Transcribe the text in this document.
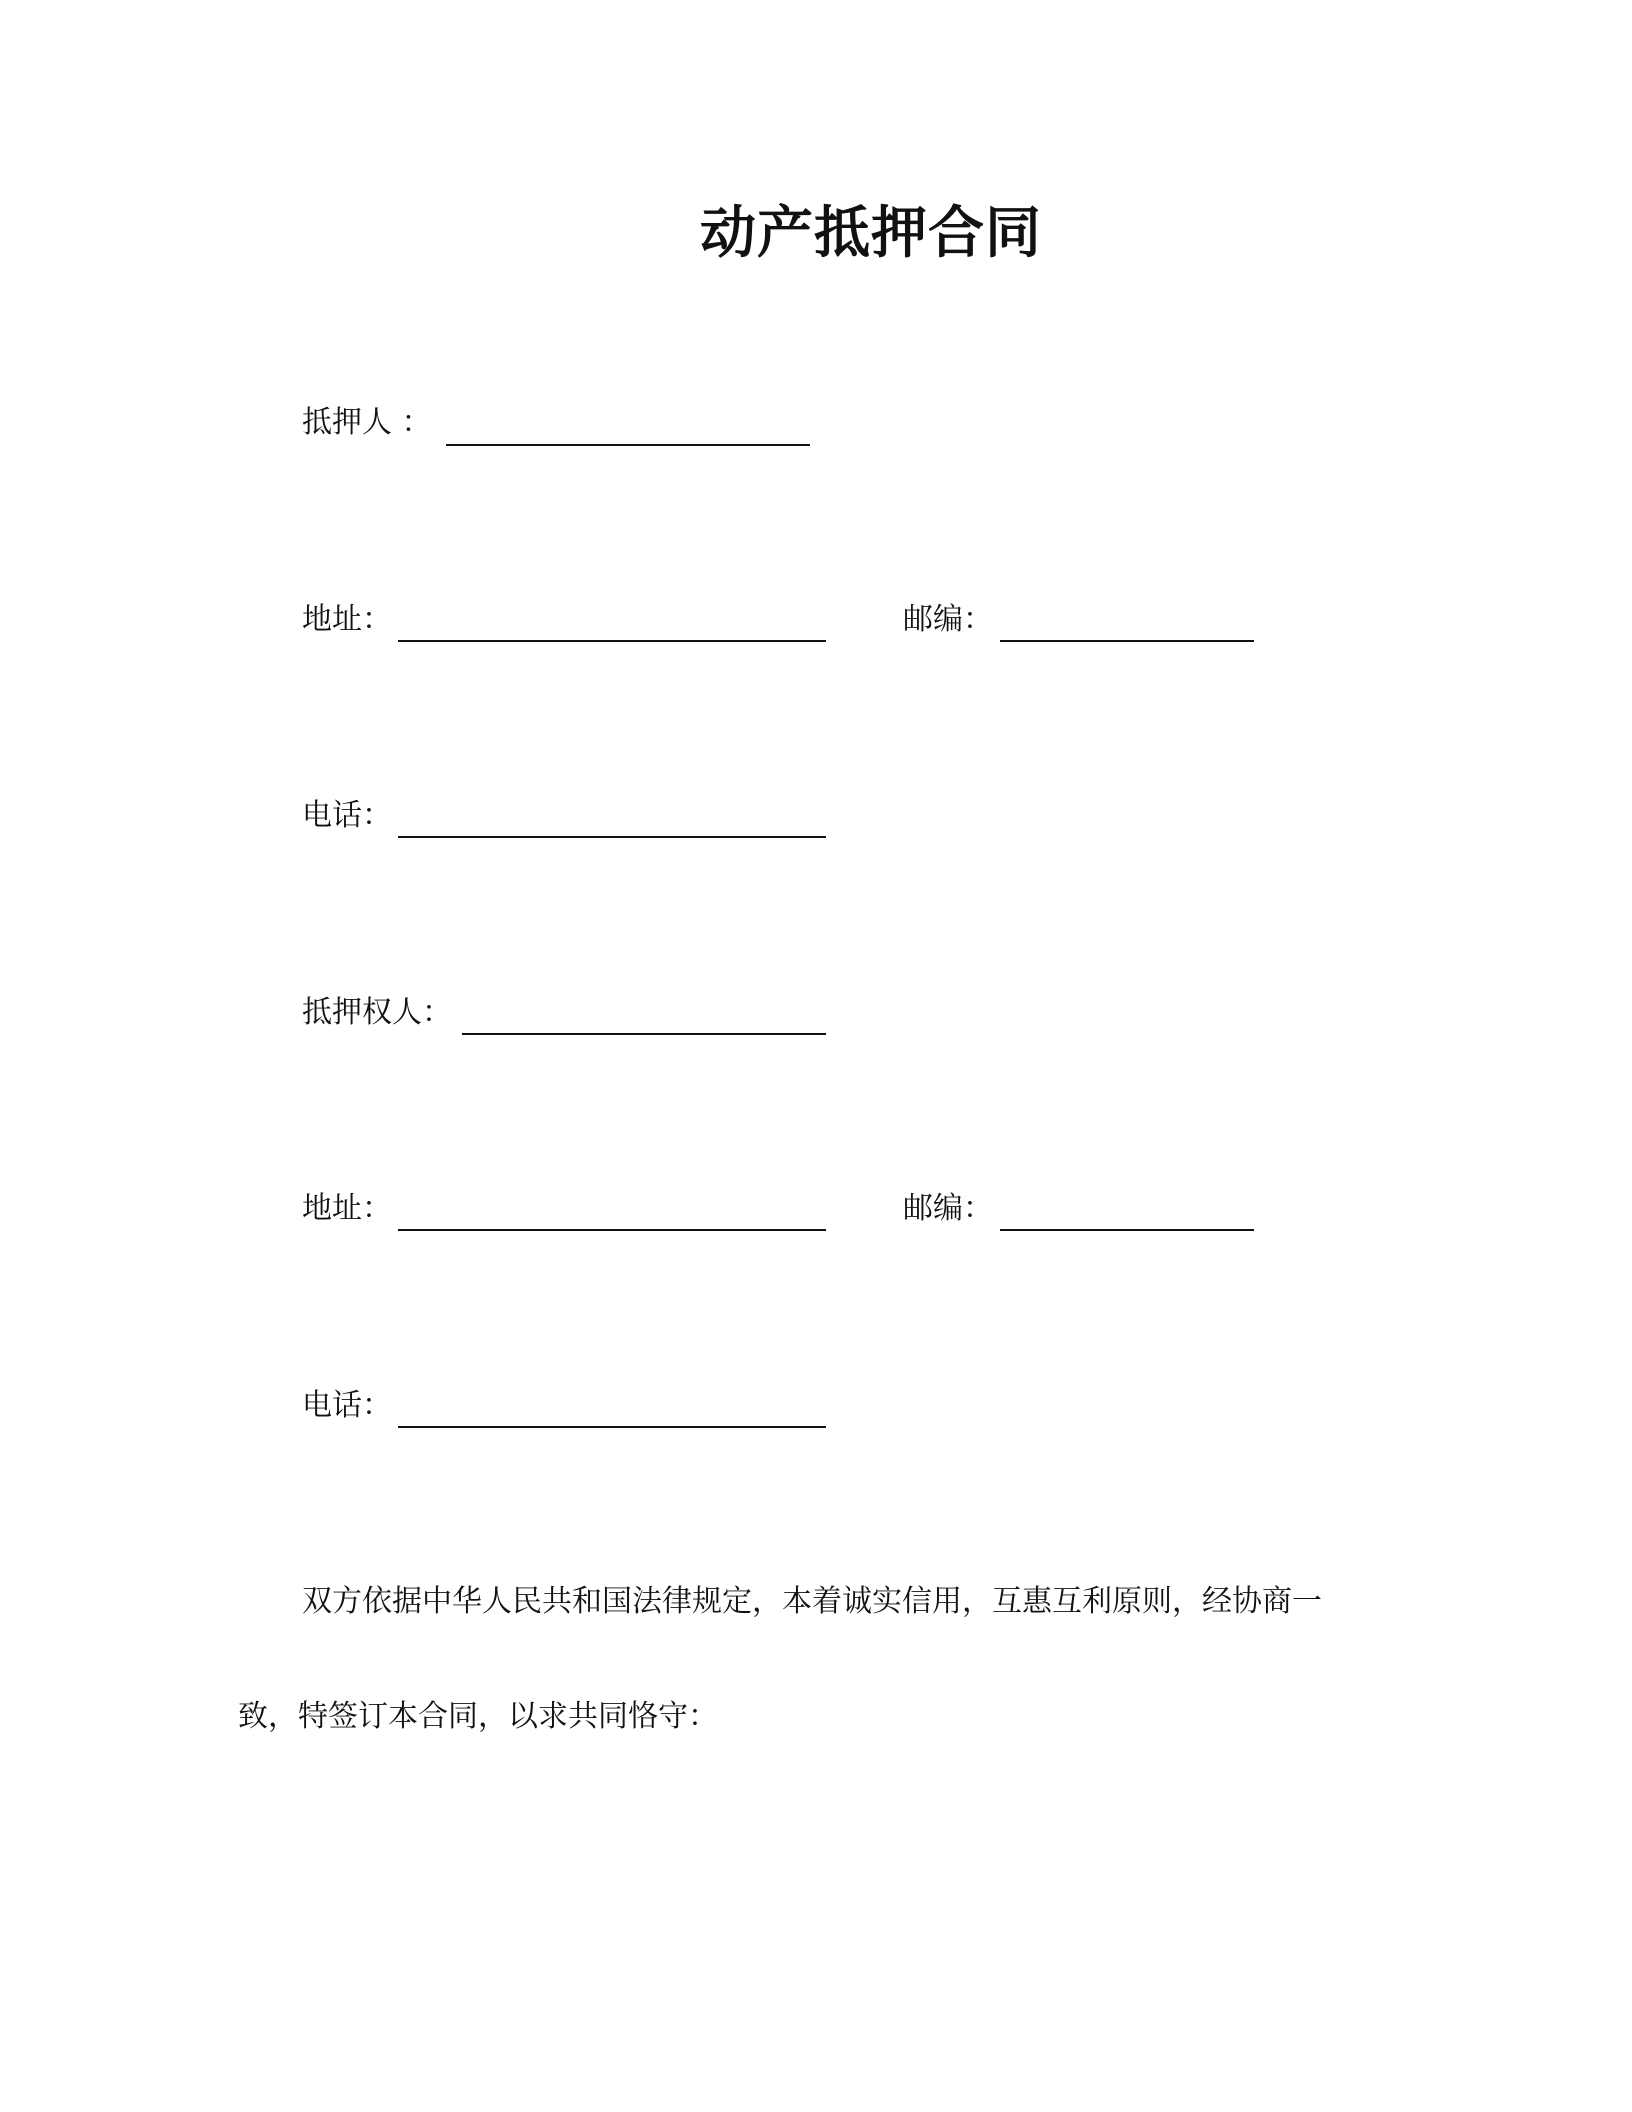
动产抵押合同
抵押人 ：
地址：	邮编：
电话：
抵押权人：
地址：	邮编：
电话：
双方依据中华人民共和国法律规定，本着诚实信用，互惠互利原则，经协商一
致，特签订本合同，以求共同恪守：
